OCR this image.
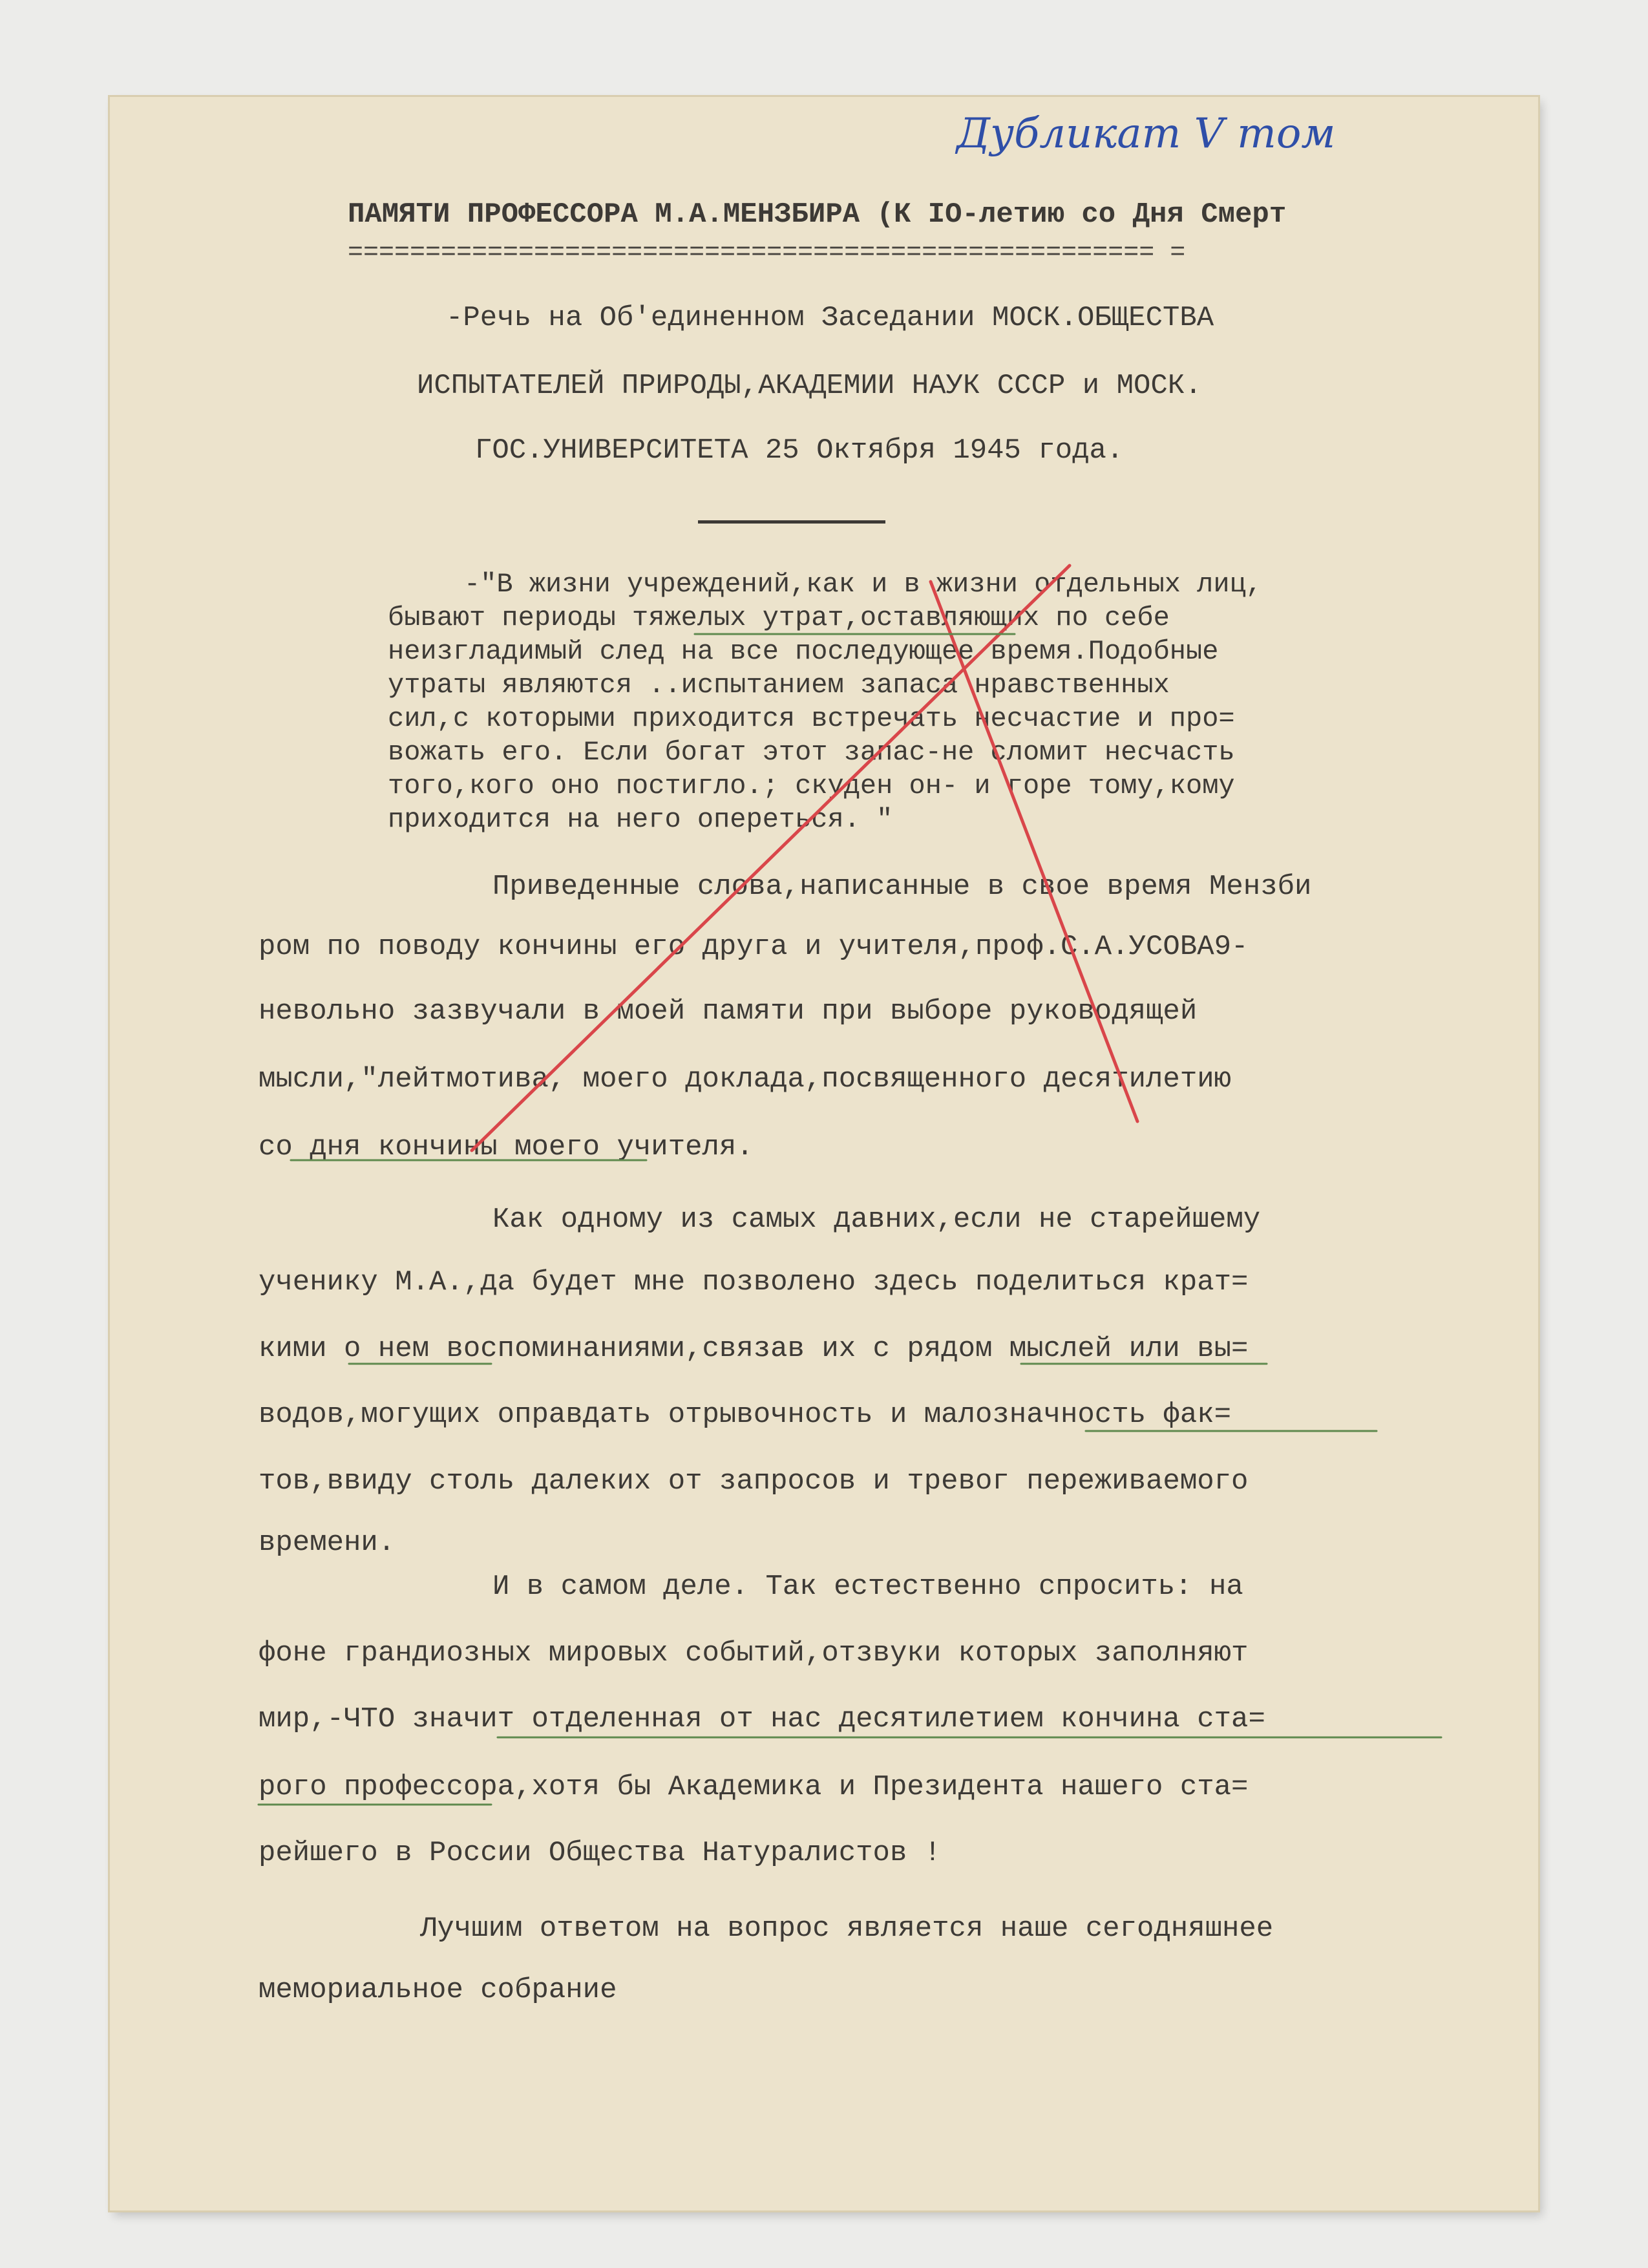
Дубликат V том
ПАМЯТИ ПРОФЕССОРА М.А.МЕНЗБИРА (К IO-летию со Дня Смерт
==================================================== =
-Речь на Об'единенном Заседании МОСК.ОБЩЕСТВА
ИСПЫТАТЕЛЕЙ ПРИРОДЫ,АКАДЕМИИ НАУК СССР и МОСК.
ГОС.УНИВЕРСИТЕТА 25 Октября 1945 года.
-"В жизни учреждений,как и в жизни отдельных лиц,
бывают периоды тяжелых утрат,оставляющих по себе
неизгладимый след на все последующее время.Подобные
утраты являются ..испытанием запаса нравственных
сил,с которыми приходится встречать несчастие и про=
вожать его. Если богат этот запас-не сломит несчасть
того,кого оно постигло.; скуден он- и горе тому,кому
приходится на него опереться. "
Приведенные слова,написанные в свое время Мензби
ром по поводу кончины его друга и учителя,проф.С.А.УСОВА9-
невольно зазвучали в моей памяти при выборе руководящей
мысли,"лейтмотива, моего доклада,посвященного десятилетию
со дня кончины моего учителя.
Как одному из самых давних,если не старейшему
ученику М.А.,да будет мне позволено здесь поделиться крат=
кими о нем воспоминаниями,связав их с рядом мыслей или вы=
водов,могущих оправдать отрывочность и малозначность фак=
тов,ввиду столь далеких от запросов и тревог переживаемого
времени.
И в самом деле. Так естественно спросить: на
фоне грандиозных мировых событий,отзвуки которых заполняют
мир,-ЧТО значит отделенная от нас десятилетием кончина ста=
рого профессора,хотя бы Академика и Президента нашего ста=
рейшего в России Общества Натуралистов !
Лучшим ответом на вопрос является наше сегодняшнее
мемориальное собрание
